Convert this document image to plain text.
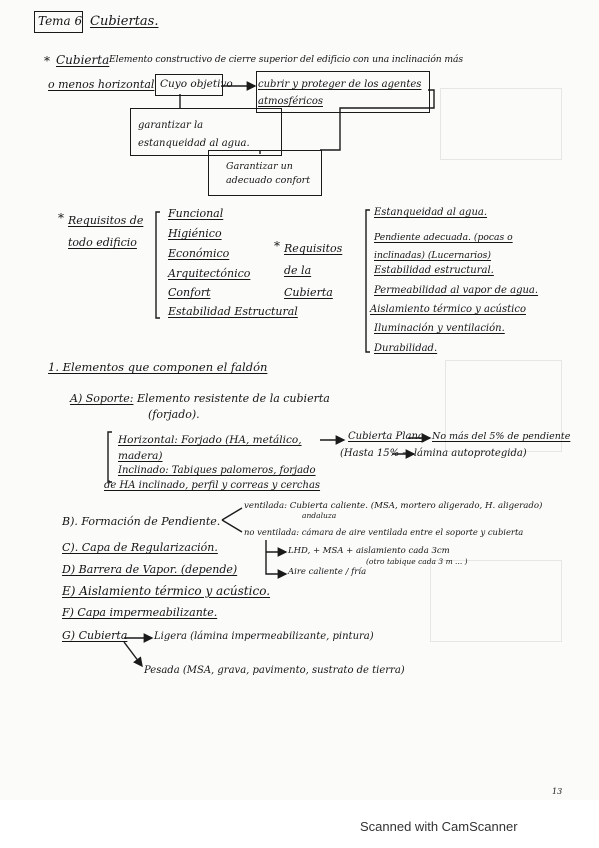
Tema 6 Cubiertas.
* Cubierta Elemento constructivo de cierre superior del edificio con una inclinación más
o menos horizontal Cuyo objetivo	cubrir y proteger de los agentes atmosféricos
garantizar la estanqueidad al agua.
Garantizar un adecuado confort
* Requisitos de todo edificio
Funcional
Higiénico
Económico
Arquitectónico
Confort
Estabilidad Estructural
* Requisitos de la Cubierta
Estanqueidad al agua.
Pendiente adecuada. (pocas o inclinadas) (Lucernarios)
Estabilidad estructural.
Permeabilidad al vapor de agua.
Aislamiento térmico y acústico
Iluminación y ventilación.
Durabilidad.
1. Elementos que componen el faldón
A) Soporte: Elemento resistente de la cubierta
(forjado).
Horizontal: Forjado (HA, metálico, madera)
Cubierta Plana No más del 5% de pendiente
(Hasta 15% → lámina autoprotegida)
Inclinado: Tabiques palomeros, forjado
de HA inclinado, perfil y correas y cerchas
B). Formación de Pendiente.
ventilada: Cubierta caliente. (MSA, mortero aligerado, H. aligerado)
andaluza
no ventilada: cámara de aire ventilada entre el soporte y cubierta
C). Capa de Regularización.	LHD, + MSA + aislamiento cada 3cm
(otro tabique cada 3 m ... )
Aire caliente / fría
D) Barrera de Vapor. (depende)
E) Aislamiento térmico y acústico.
F) Capa impermeabilizante.
G) Cubierta	Ligera (lámina impermeabilizante, pintura)
Pesada (MSA, grava, pavimento, sustrato de tierra)
13
Scanned with CamScanner
